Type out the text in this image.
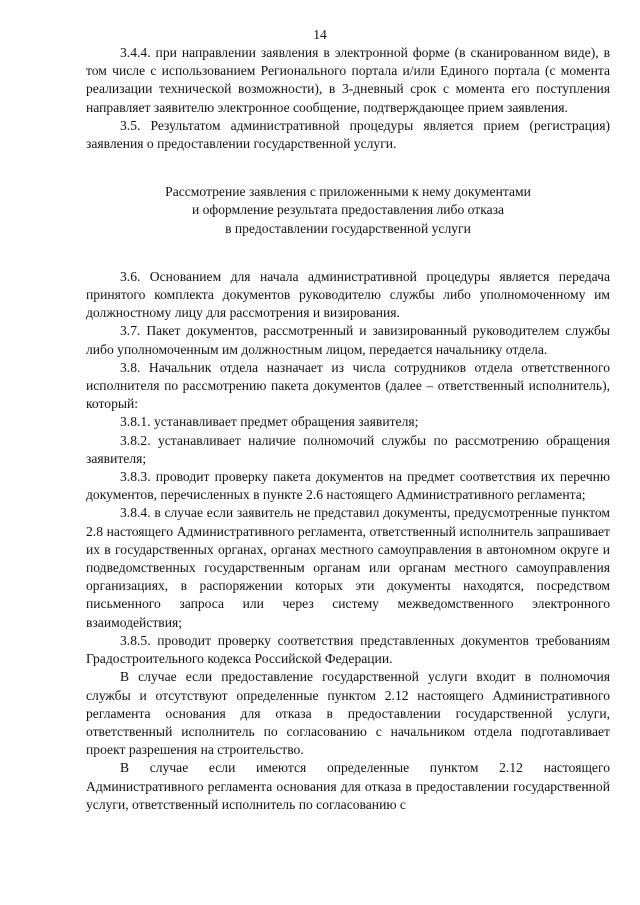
14

3.4.4. при направлении заявления в электронной форме (в сканированном виде), в том числе с использованием Регионального портала и/или Единого портала (с момента реализации технической возможности), в 3-дневный срок с момента его поступления направляет заявителю электронное сообщение, подтверждающее прием заявления.

3.5. Результатом административной процедуры является прием (регистрация) заявления о предоставлении государственной услуги.

Рассмотрение заявления с приложенными к нему документами
и оформление результата предоставления либо отказа
в предоставлении государственной услуги

3.6. Основанием для начала административной процедуры является передача принятого комплекта документов руководителю службы либо уполномоченному им должностному лицу для рассмотрения и визирования.

3.7. Пакет документов, рассмотренный и завизированный руководителем службы либо уполномоченным им должностным лицом, передается начальнику отдела.

3.8. Начальник отдела назначает из числа сотрудников отдела ответственного исполнителя по рассмотрению пакета документов (далее – ответственный исполнитель), который:

3.8.1. устанавливает предмет обращения заявителя;

3.8.2. устанавливает наличие полномочий службы по рассмотрению обращения заявителя;

3.8.3. проводит проверку пакета документов на предмет соответствия их перечню документов, перечисленных в пункте 2.6 настоящего Административного регламента;

3.8.4. в случае если заявитель не представил документы, предусмотренные пунктом 2.8 настоящего Административного регламента, ответственный исполнитель запрашивает их в государственных органах, органах местного самоуправления в автономном округе и подведомственных государственным органам или органам местного самоуправления организациях, в распоряжении которых эти документы находятся, посредством письменного запроса или через систему межведомственного электронного взаимодействия;

3.8.5. проводит проверку соответствия представленных документов требованиям Градостроительного кодекса Российской Федерации.

В случае если предоставление государственной услуги входит в полномочия службы и отсутствуют определенные пунктом 2.12 настоящего Административного регламента основания для отказа в предоставлении государственной услуги, ответственный исполнитель по согласованию с начальником отдела подготавливает проект разрешения на строительство.

В случае если имеются определенные пунктом 2.12 настоящего Административного регламента основания для отказа в предоставлении государственной услуги, ответственный исполнитель по согласованию с
